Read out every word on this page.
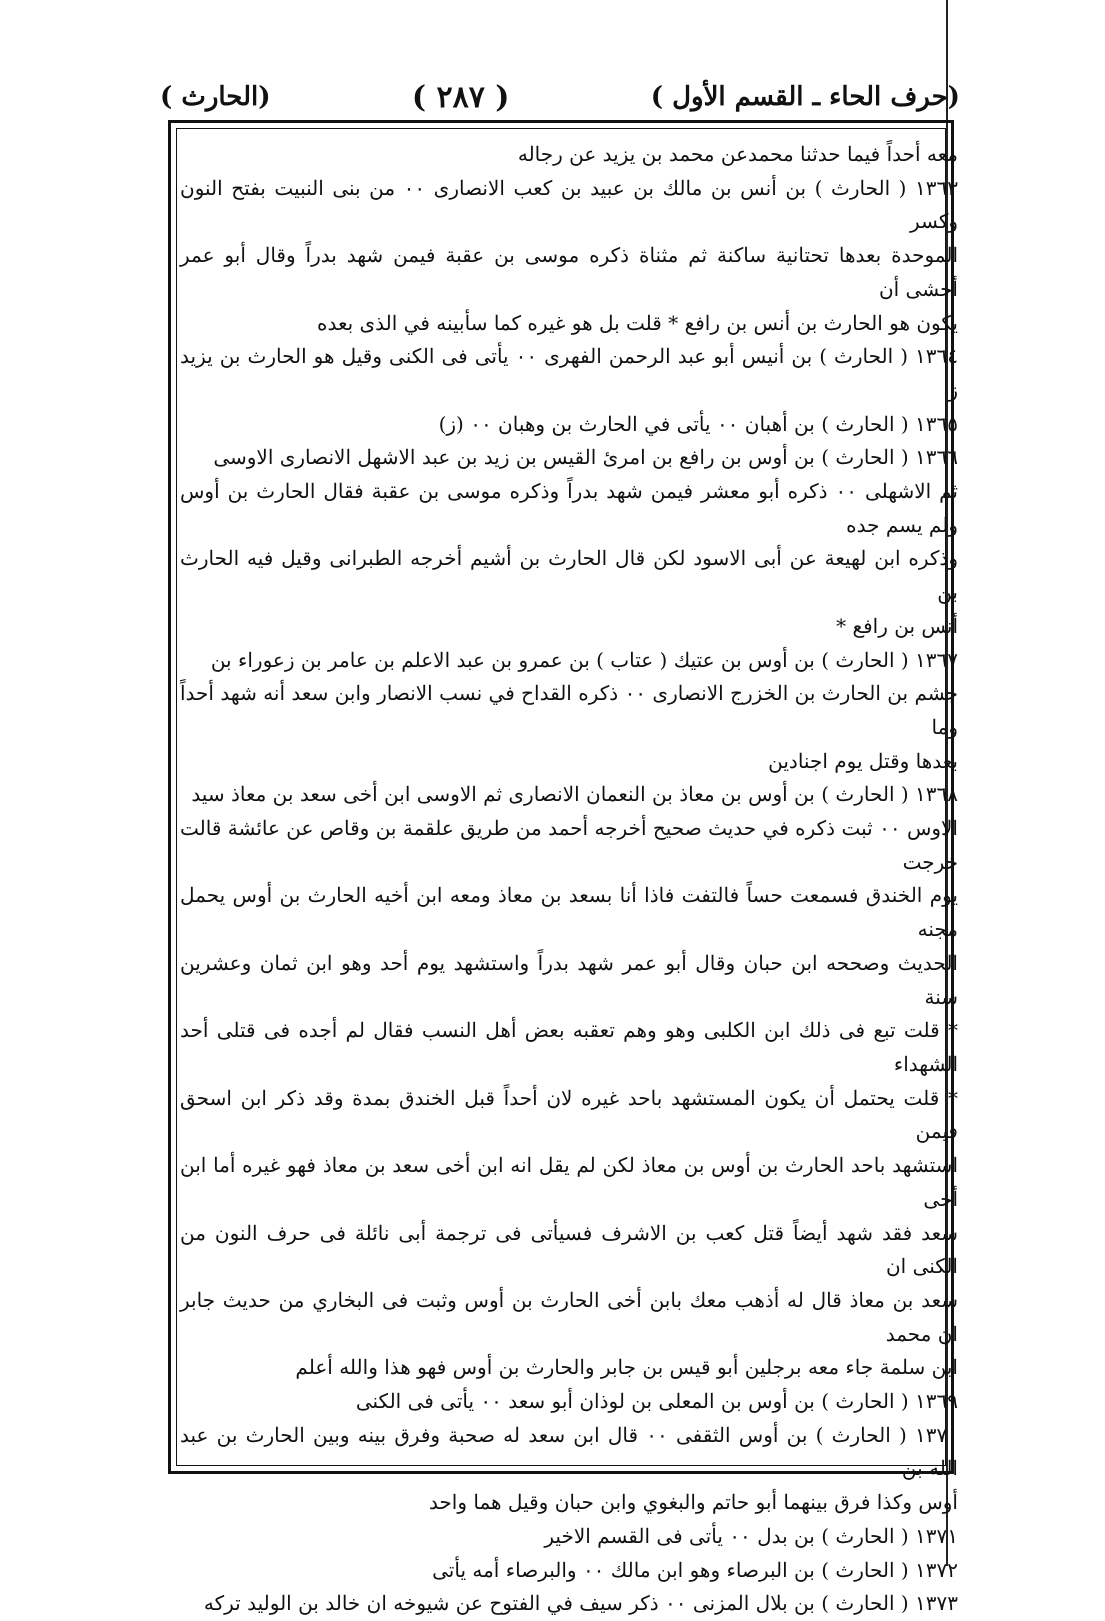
(حرف الحاء ـ القسم الأول )
( ٢٨٧ )
(الحارث )

معه أحداً فيما حدثنا محمدعن محمد بن يزيد عن رجاله

١٣٦٣ ( الحارث ) بن أنس بن مالك بن عبيد بن كعب الانصارى ٠٠ من بنى النبيت بفتح النون وكسر

الموحدة بعدها تحتانية ساكنة ثم مثناة ذكره موسى بن عقبة فيمن شهد بدراً وقال أبو عمر أخشى أن

يكون هو الحارث بن أنس بن رافع * قلت بل هو غيره كما سأبينه في الذى بعده

١٣٦٤ ( الحارث ) بن أنيس أبو عبد الرحمن الفهرى ٠٠ يأتى فى الكنى وقيل هو الحارث بن يزيد ز

١٣٦٥ ( الحارث ) بن أهبان ٠٠ يأتى في الحارث بن وهبان ٠٠ (ز)

١٣٦٦ ( الحارث ) بن أوس بن رافع بن امرئ القيس بن زيد بن عبد الاشهل الانصارى الاوسى

ثم الاشهلى ٠٠ ذكره أبو معشر فيمن شهد بدراً وذكره موسى بن عقبة فقال الحارث بن أوس ولم يسم جده

وذكره ابن لهيعة عن أبى الاسود لكن قال الحارث بن أشيم أخرجه الطبرانى وقيل فيه الحارث بن

أنس بن رافع *

١٣٦٧ ( الحارث ) بن أوس بن عتيك ( عتاب ) بن عمرو بن عبد الاعلم بن عامر بن زعوراء بن

جشم بن الحارث بن الخزرج الانصارى ٠٠ ذكره القداح في نسب الانصار وابن سعد أنه شهد أحداً وما

بعدها وقتل يوم اجنادين

١٣٦٨ ( الحارث ) بن أوس بن معاذ بن النعمان الانصارى ثم الاوسى ابن أخى سعد بن معاذ سيد

الاوس ٠٠ ثبت ذكره في حديث صحيح أخرجه أحمد من طريق علقمة بن وقاص عن عائشة قالت خرجت

يوم الخندق فسمعت حساً فالتفت فاذا أنا بسعد بن معاذ ومعه ابن أخيه الحارث بن أوس يحمل مجنه

الحديث وصححه ابن حبان وقال أبو عمر شهد بدراً واستشهد يوم أحد وهو ابن ثمان وعشرين سنة

* قلت تبع فى ذلك ابن الكلبى وهو وهم تعقبه بعض أهل النسب فقال لم أجده فى قتلى أحد الشهداء

* قلت يحتمل أن يكون المستشهد باحد غيره لان أحداً قبل الخندق بمدة وقد ذكر ابن اسحق فيمن

استشهد باحد الحارث بن أوس بن معاذ لكن لم يقل انه ابن أخى سعد بن معاذ فهو غيره أما ابن أخى

سعد فقد شهد أيضاً قتل كعب بن الاشرف فسيأتى فى ترجمة أبى نائلة فى حرف النون من الكنى ان

سعد بن معاذ قال له أذهب معك بابن أخى الحارث بن أوس وثبت فى البخاري من حديث جابر ان محمد

ابن سلمة جاء معه برجلين أبو قيس بن جابر والحارث بن أوس فهو هذا والله أعلم

١٣٦٩ ( الحارث ) بن أوس بن المعلى بن لوذان أبو سعد ٠٠ يأتى فى الكنى

١٣٧٠ ( الحارث ) بن أوس الثقفى ٠٠ قال ابن سعد له صحبة وفرق بينه وبين الحارث بن عبد الله بن

أوس وكذا فرق بينهما أبو حاتم والبغوي وابن حبان وقيل هما واحد

١٣٧١ ( الحارث ) بن بدل ٠٠ يأتى فى القسم الاخير

١٣٧٢ ( الحارث ) بن البرصاء وهو ابن مالك ٠٠ والبرصاء أمه يأتى

١٣٧٣ ( الحارث ) بن بلال المزنى ٠٠ ذكر سيف في الفتوح عن شيوخه ان خالد بن الوليد تركه
